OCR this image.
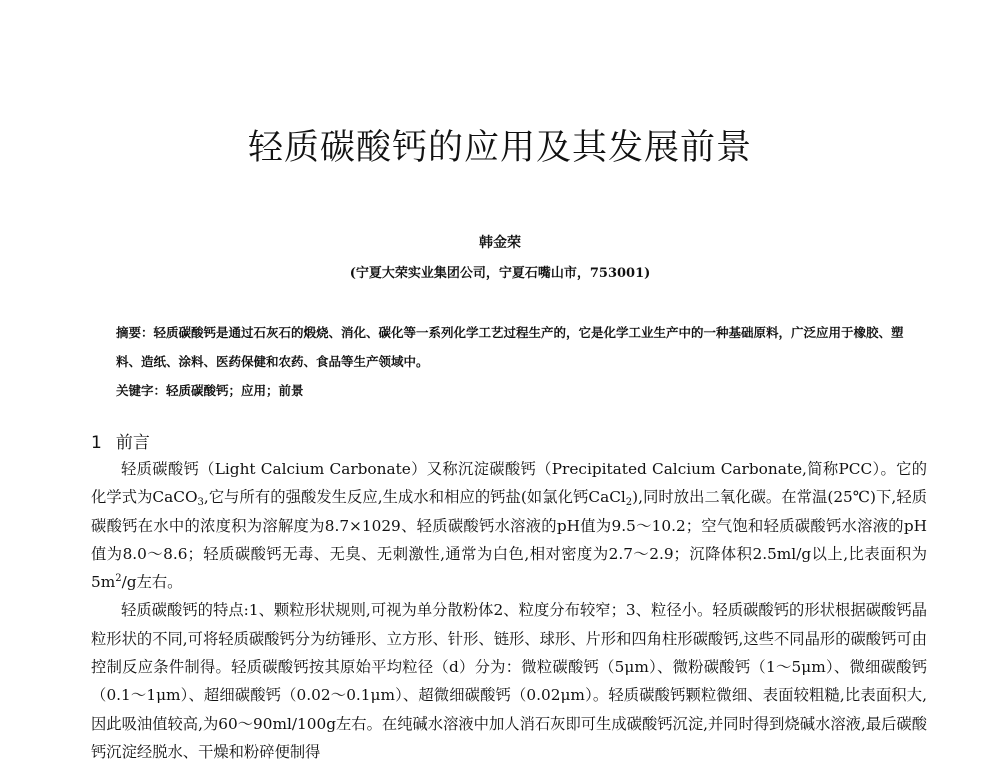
轻质碳酸钙的应用及其发展前景
韩金荣
(宁夏大荣实业集团公司，宁夏石嘴山市，753001)

摘要：轻质碳酸钙是通过石灰石的煅烧、消化、碳化等一系列化学工艺过程生产的，它是化学工业生产中的一种基础原料，广泛应用于橡胶、塑料、造纸、涂料、医药保健和农药、食品等生产领域中。

关键字：轻质碳酸钙；应用；前景

1 前言

轻质碳酸钙（Light Calcium Carbonate）又称沉淀碳酸钙（Precipitated Calcium Carbonate,简称PCC）。它的化学式为CaCO$_3$,它与所有的强酸发生反应,生成水和相应的钙盐(如氯化钙CaCl$_2$),同时放出二氧化碳。在常温(25℃)下,轻质碳酸钙在水中的浓度积为溶解度为8.7×1029、轻质碳酸钙水溶液的pH值为9.5～10.2；空气饱和轻质碳酸钙水溶液的pH值为8.0～8.6；轻质碳酸钙无毒、无臭、无刺激性,通常为白色,相对密度为2.7～2.9；沉降体积2.5ml/g以上,比表面积为$5m^2/g$左右。

轻质碳酸钙的特点:1、颗粒形状规则,可视为单分散粉体2、粒度分布较窄；3、粒径小。轻质碳酸钙的形状根据碳酸钙晶粒形状的不同,可将轻质碳酸钙分为纺锤形、立方形、针形、链形、球形、片形和四角柱形碳酸钙,这些不同晶形的碳酸钙可由控制反应条件制得。轻质碳酸钙按其原始平均粒径（d）分为：微粒碳酸钙（5μm）、微粉碳酸钙（1～5μm）、微细碳酸钙（0.1～1μm）、超细碳酸钙（0.02～0.1μm）、超微细碳酸钙（0.02μm）。轻质碳酸钙颗粒微细、表面较粗糙,比表面积大,因此吸油值较高,为60～90ml/100g左右。在纯碱水溶液中加人消石灰即可生成碳酸钙沉淀,并同时得到烧碱水溶液,最后碳酸钙沉淀经脱水、干燥和粉碎便制得
